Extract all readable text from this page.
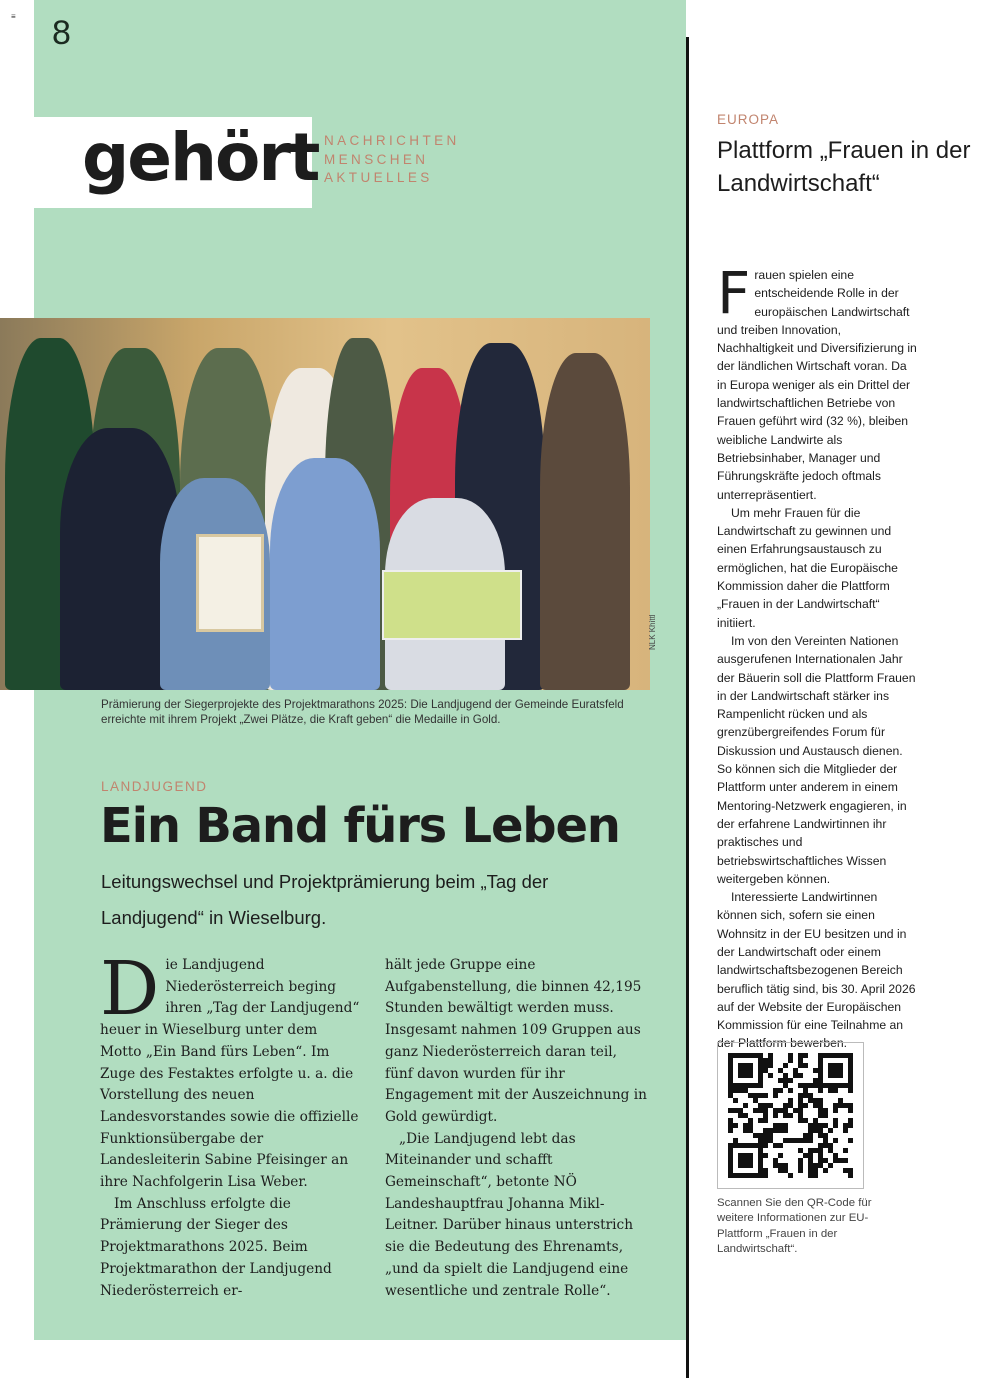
≡ 8
gehört NACHRICHTEN
MENSCHEN
AKTUELLES
NLK Khittl
Prämierung der Siegerprojekte des Projektmarathons 2025: Die Landjugend der Gemeinde Euratsfeld erreichte mit ihrem Projekt „Zwei Plätze, die Kraft geben“ die Medaille in Gold.
LANDJUGEND
Ein Band fürs Leben
Leitungswechsel und Projektprämierung beim „Tag der Landjugend“ in Wieselburg.

Die Landjugend Niederösterreich beging ihren „Tag der Landjugend“ heuer in Wieselburg unter dem Motto „Ein Band fürs Leben“. Im Zuge des Festaktes erfolgte u. a. die Vorstellung des neuen Landesvorstandes sowie die offizielle Funktionsübergabe der Landesleiterin Sabine Pfeisinger an ihre Nachfolgerin Lisa Weber.

Im Anschluss erfolgte die Prämierung der Sieger des Projektmarathons 2025. Beim Projektmarathon der Landjugend Niederösterreich er-

hält jede Gruppe eine Aufgabenstellung, die binnen 42,195 Stunden bewältigt werden muss. Insgesamt nahmen 109 Gruppen aus ganz Niederösterreich daran teil, fünf davon wurden für ihr Engagement mit der Auszeichnung in Gold gewürdigt.

„Die Landjugend lebt das Miteinander und schafft Gemeinschaft“, betonte NÖ Landeshauptfrau Johanna Mikl-Leitner. Darüber hinaus unterstrich sie die Bedeutung des Ehrenamts, „und da spielt die Landjugend eine wesentliche und zentrale Rolle“.

EUROPA
Plattform „Frauen in der Landwirtschaft“

Frauen spielen eine entscheidende Rolle in der europäischen Landwirtschaft und treiben Innovation, Nachhaltigkeit und Diversifizierung in der ländlichen Wirtschaft voran. Da in Europa weniger als ein Drittel der landwirtschaftlichen Betriebe von Frauen geführt wird (32 %), bleiben weibliche Landwirte als Betriebsinhaber, Manager und Führungskräfte jedoch oftmals unterrepräsentiert.

Um mehr Frauen für die Landwirtschaft zu gewinnen und einen Erfahrungsaustausch zu ermöglichen, hat die Europäische Kommission daher die Plattform „Frauen in der Landwirtschaft“ initiiert.

Im von den Vereinten Nationen ausgerufenen Internationalen Jahr der Bäuerin soll die Plattform Frauen in der Landwirtschaft stärker ins Rampenlicht rücken und als grenzübergreifendes Forum für Diskussion und Austausch dienen. So können sich die Mitglieder der Plattform unter anderem in einem Mentoring-Netzwerk engagieren, in der erfahrene Landwirtinnen ihr praktisches und betriebswirtschaftliches Wissen weitergeben können.

Interessierte Landwirtinnen können sich, sofern sie einen Wohnsitz in der EU besitzen und in der Landwirtschaft oder einem landwirtschaftsbezogenen Bereich beruflich tätig sind, bis 30. April 2026 auf der Website der Europäischen Kommission für eine Teilnahme an der Plattform bewerben.

Scannen Sie den QR-Code für weitere Informationen zur EU-Plattform „Frauen in der Landwirtschaft“.
